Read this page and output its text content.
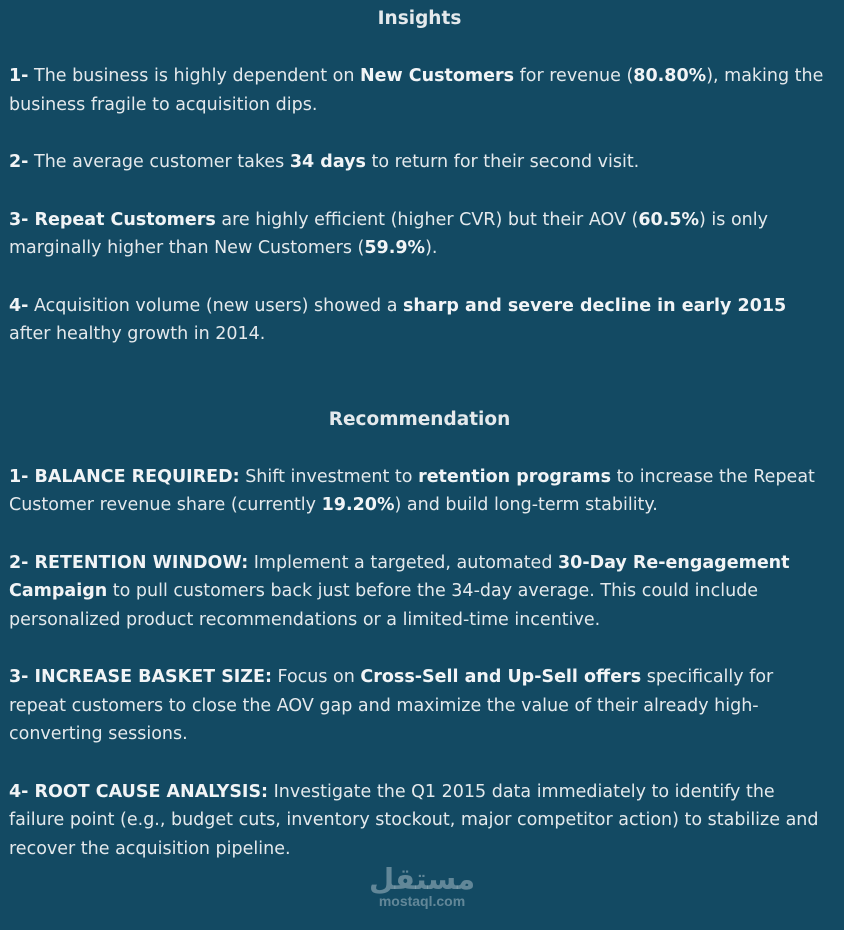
Insights

1- The business is highly dependent on New Customers for revenue (80.80%), making the business fragile to acquisition dips.

2- The average customer takes 34 days to return for their second visit.

3- Repeat Customers are highly efficient (higher CVR) but their AOV (60.5%) is only marginally higher than New Customers (59.9%).

4- Acquisition volume (new users) showed a sharp and severe decline in early 2015 after healthy growth in 2014.

Recommendation

1- BALANCE REQUIRED: Shift investment to retention programs to increase the Repeat Customer revenue share (currently 19.20%) and build long-term stability.

2- RETENTION WINDOW: Implement a targeted, automated 30-Day Re-engagement Campaign to pull customers back just before the 34-day average. This could include personalized product recommendations or a limited-time incentive.

3- INCREASE BASKET SIZE: Focus on Cross-Sell and Up-Sell offers specifically for repeat customers to close the AOV gap and maximize the value of their already high-converting sessions.

4- ROOT CAUSE ANALYSIS: Investigate the Q1 2015 data immediately to identify the failure point (e.g., budget cuts, inventory stockout, major competitor action) to stabilize and recover the acquisition pipeline.

مستقل
mostaql.com
